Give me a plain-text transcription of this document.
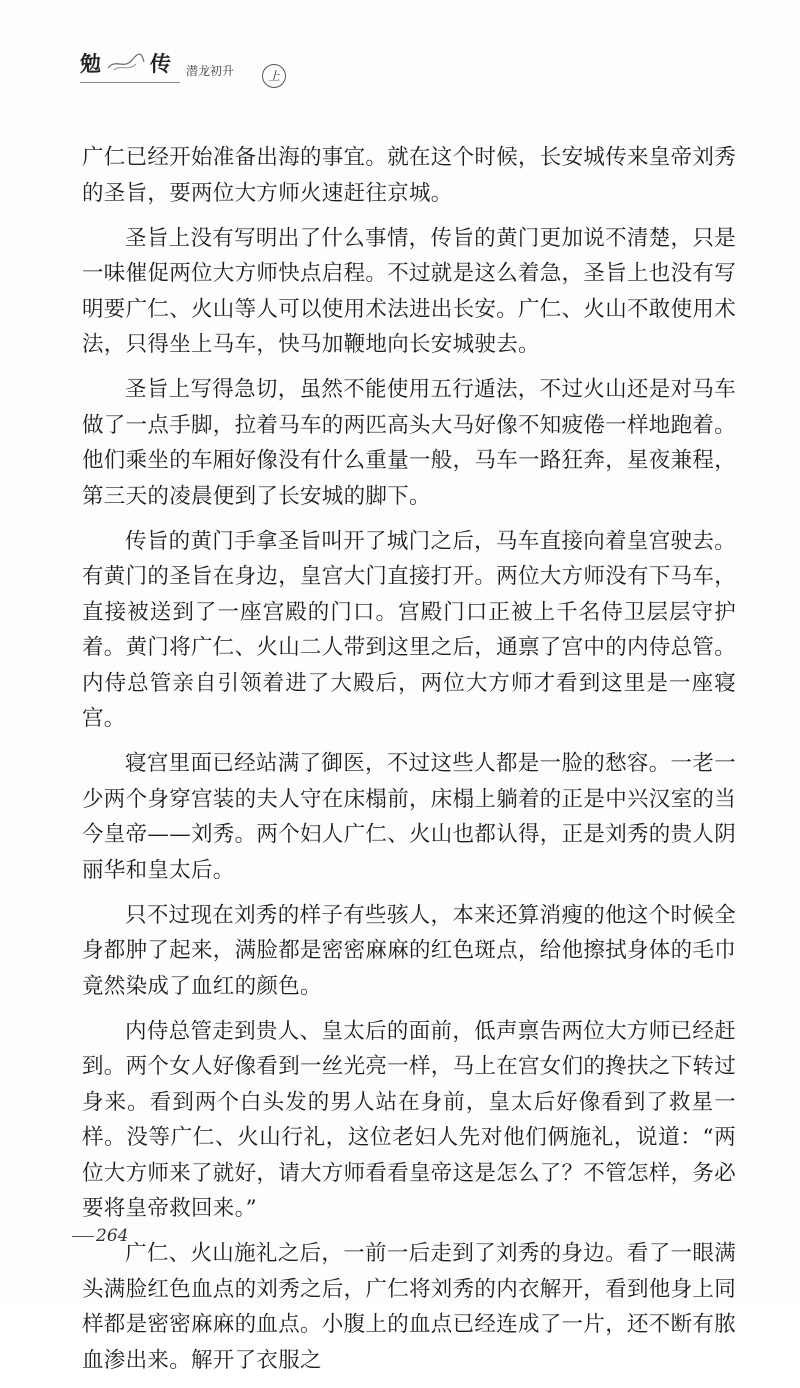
勉 传 潜龙初升	上

广仁已经开始准备出海的事宜。就在这个时候，长安城传来皇帝刘秀的圣旨，要两位大方师火速赶往京城。

圣旨上没有写明出了什么事情，传旨的黄门更加说不清楚，只是一味催促两位大方师快点启程。不过就是这么着急，圣旨上也没有写明要广仁、火山等人可以使用术法进出长安。广仁、火山不敢使用术法，只得坐上马车，快马加鞭地向长安城驶去。

圣旨上写得急切，虽然不能使用五行遁法，不过火山还是对马车做了一点手脚，拉着马车的两匹高头大马好像不知疲倦一样地跑着。他们乘坐的车厢好像没有什么重量一般，马车一路狂奔，星夜兼程，第三天的凌晨便到了长安城的脚下。

传旨的黄门手拿圣旨叫开了城门之后，马车直接向着皇宫驶去。有黄门的圣旨在身边，皇宫大门直接打开。两位大方师没有下马车，直接被送到了一座宫殿的门口。宫殿门口正被上千名侍卫层层守护着。黄门将广仁、火山二人带到这里之后，通禀了宫中的内侍总管。内侍总管亲自引领着进了大殿后，两位大方师才看到这里是一座寝宫。

寝宫里面已经站满了御医，不过这些人都是一脸的愁容。一老一少两个身穿宫装的夫人守在床榻前，床榻上躺着的正是中兴汉室的当今皇帝——刘秀。两个妇人广仁、火山也都认得，正是刘秀的贵人阴丽华和皇太后。

只不过现在刘秀的样子有些骇人，本来还算消瘦的他这个时候全身都肿了起来，满脸都是密密麻麻的红色斑点，给他擦拭身体的毛巾竟然染成了血红的颜色。

内侍总管走到贵人、皇太后的面前，低声禀告两位大方师已经赶到。两个女人好像看到一丝光亮一样，马上在宫女们的搀扶之下转过身来。看到两个白头发的男人站在身前，皇太后好像看到了救星一样。没等广仁、火山行礼，这位老妇人先对他们俩施礼，说道：“两位大方师来了就好，请大方师看看皇帝这是怎么了？不管怎样，务必要将皇帝救回来。”

广仁、火山施礼之后，一前一后走到了刘秀的身边。看了一眼满头满脸红色血点的刘秀之后，广仁将刘秀的内衣解开，看到他身上同样都是密密麻麻的血点。小腹上的血点已经连成了一片，还不断有脓血渗出来。解开了衣服之

264
